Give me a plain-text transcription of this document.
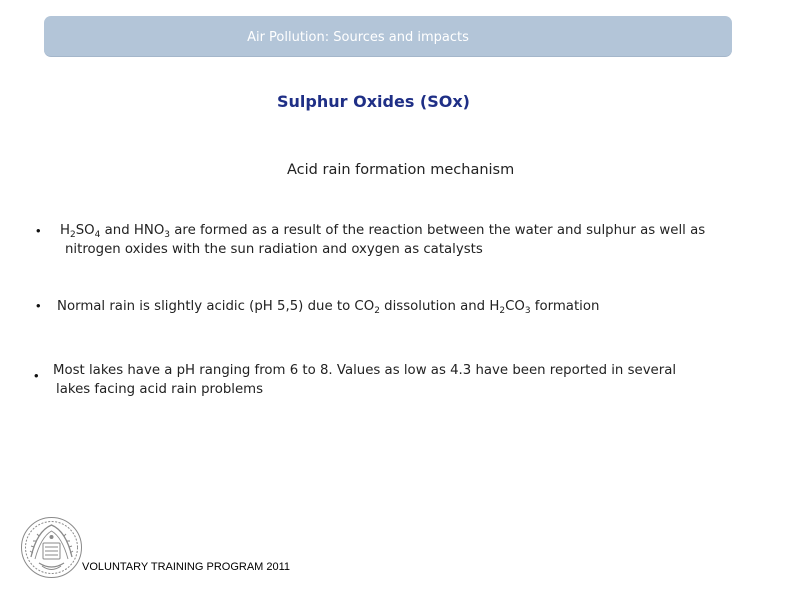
Air Pollution: Sources and impacts
Sulphur Oxides (SOx)
Acid rain formation mechanism
• $H_2SO_4$ and $HNO_3$ are formed as a result of the reaction between the water and sulphur as well as
nitrogen oxides with the sun radiation and oxygen as catalysts
• Normal rain is slightly acidic (pH 5,5) due to $CO_2$ dissolution and $H_2CO_3$ formation
• Most lakes have a pH ranging from 6 to 8. Values as low as 4.3 have been reported in several
lakes facing acid rain problems
VOLUNTARY TRAINING PROGRAM 2011
